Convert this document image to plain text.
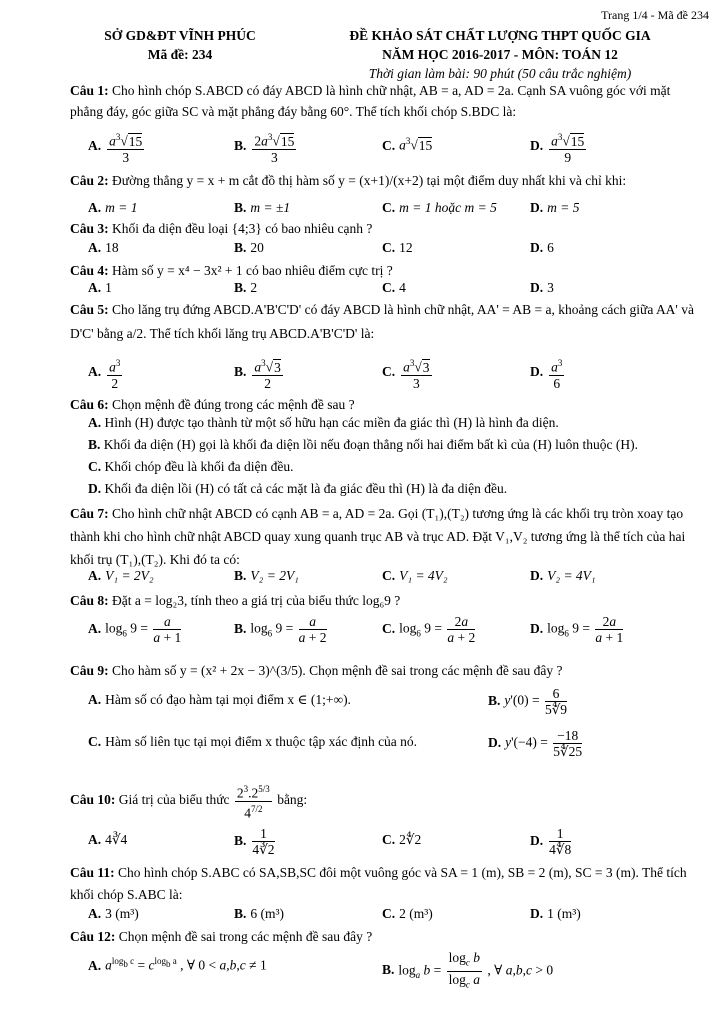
Trang 1/4 - Mã đề 234
SỞ GD&ĐT VĨNH PHÚC
Mã đề: 234
ĐỀ KHẢO SÁT CHẤT LƯỢNG THPT QUỐC GIA
NĂM HỌC 2016-2017 - MÔN: TOÁN 12
Thời gian làm bài: 90 phút (50 câu trắc nghiệm)
Câu 1: Cho hình chóp S.ABCD có đáy ABCD là hình chữ nhật, AB = a, AD = 2a. Cạnh SA vuông góc với mặt phẳng đáy, góc giữa SC và mặt phẳng đáy bằng 60°. Thể tích khối chóp S.BDC là:
A. $\frac{a^3√15}{3}$	B. $\frac{2a^3√15}{3}$	C. $a^3√15$	D. $\frac{a^3√15}{9}$
Câu 2: Đường thẳng y = x + m cắt đồ thị hàm số y = (x+1)/(x+2) tại một điểm duy nhất khi và chỉ khi:
A. m = 1	B. m = ±1	C. m = 1 hoặc m = 5 D. m = 5
Câu 3: Khối đa diện đều loại {4;3} có bao nhiêu cạnh ?
A. 18	B. 20	C. 12	D. 6
Câu 4: Hàm số y = x⁴ − 3x² + 1 có bao nhiêu điểm cực trị ?
A. 1	B. 2	C. 4	D. 3
Câu 5: Cho lăng trụ đứng ABCD.A'B'C'D' có đáy ABCD là hình chữ nhật, AA' = AB = a, khoảng cách giữa AA' và D'C' bằng a/2. Thể tích khối lăng trụ ABCD.A'B'C'D' là:
A. $\frac{a^3}{2}$	B. $\frac{a^3√3}{2}$	C. $\frac{a^3√3}{3}$	D. $\frac{a^3}{6}$
Câu 6: Chọn mệnh đề đúng trong các mệnh đề sau ?
A. Hình (H) được tạo thành từ một số hữu hạn các miền đa giác thì (H) là hình đa diện.
B. Khối đa diện (H) gọi là khối đa diện lồi nếu đoạn thẳng nối hai điểm bất kì của (H) luôn thuộc (H).
C. Khối chóp đều là khối đa diện đều.
D. Khối đa diện lồi (H) có tất cả các mặt là đa giác đều thì (H) là đa diện đều.
Câu 7: Cho hình chữ nhật ABCD có cạnh AB = a, AD = 2a. Gọi (T₁),(T₂) tương ứng là các khối trụ tròn xoay tạo thành khi cho hình chữ nhật ABCD quay xung quanh trục AB và trục AD. Đặt V₁,V₂ tương ứng là thể tích của hai khối trụ (T₁),(T₂). Khi đó ta có:
A. V₁ = 2V₂	B. V₂ = 2V₁	C. V₁ = 4V₂	D. V₂ = 4V₁
Câu 8: Đặt a = log₂3, tính theo a giá trị của biểu thức log₆9 ?
A. $\log_6 9 = \frac{a}{a + 1}$	B. $\log_6 9 = \frac{a}{a + 2}$	C. $\log_6 9 = \frac{2a}{a + 2}$	D. $\log_6 9 = \frac{2a}{a + 1}$
Câu 9: Cho hàm số y = (x² + 2x − 3)^(3/5). Chọn mệnh đề sai trong các mệnh đề sau đây ?
A. Hàm số có đạo hàm tại mọi điểm x ∈ (1;+∞).	B. $y'(0) = \frac{6}{5∜9}$
C. Hàm số liên tục tại mọi điểm x thuộc tập xác định của nó.	D. $y'(-4) = \frac{-18}{5∜25}$
Câu 10: Giá trị của biểu thức $\frac{2^3.2^{5/3}}{4^{7/2}}$ bằng:
A. 4∛4	B. $\frac{1}{4∛2}$	C. 2∜2	D. $\frac{1}{4∜8}$
Câu 11: Cho hình chóp S.ABC có SA,SB,SC đôi một vuông góc và SA = 1 (m), SB = 2 (m), SC = 3 (m). Thể tích khối chóp S.ABC là:
A. 3 (m³)	B. 6 (m³)	C. 2 (m³)	D. 1 (m³)
Câu 12: Chọn mệnh đề sai trong các mệnh đề sau đây ?
A. $a^{log_b c} = c^{log_b a}$ , ∀ 0 < a,b,c ≠ 1	B. $\log_a b = \frac{\log_c b}{\log_c a}$ , ∀ a,b,c > 0
